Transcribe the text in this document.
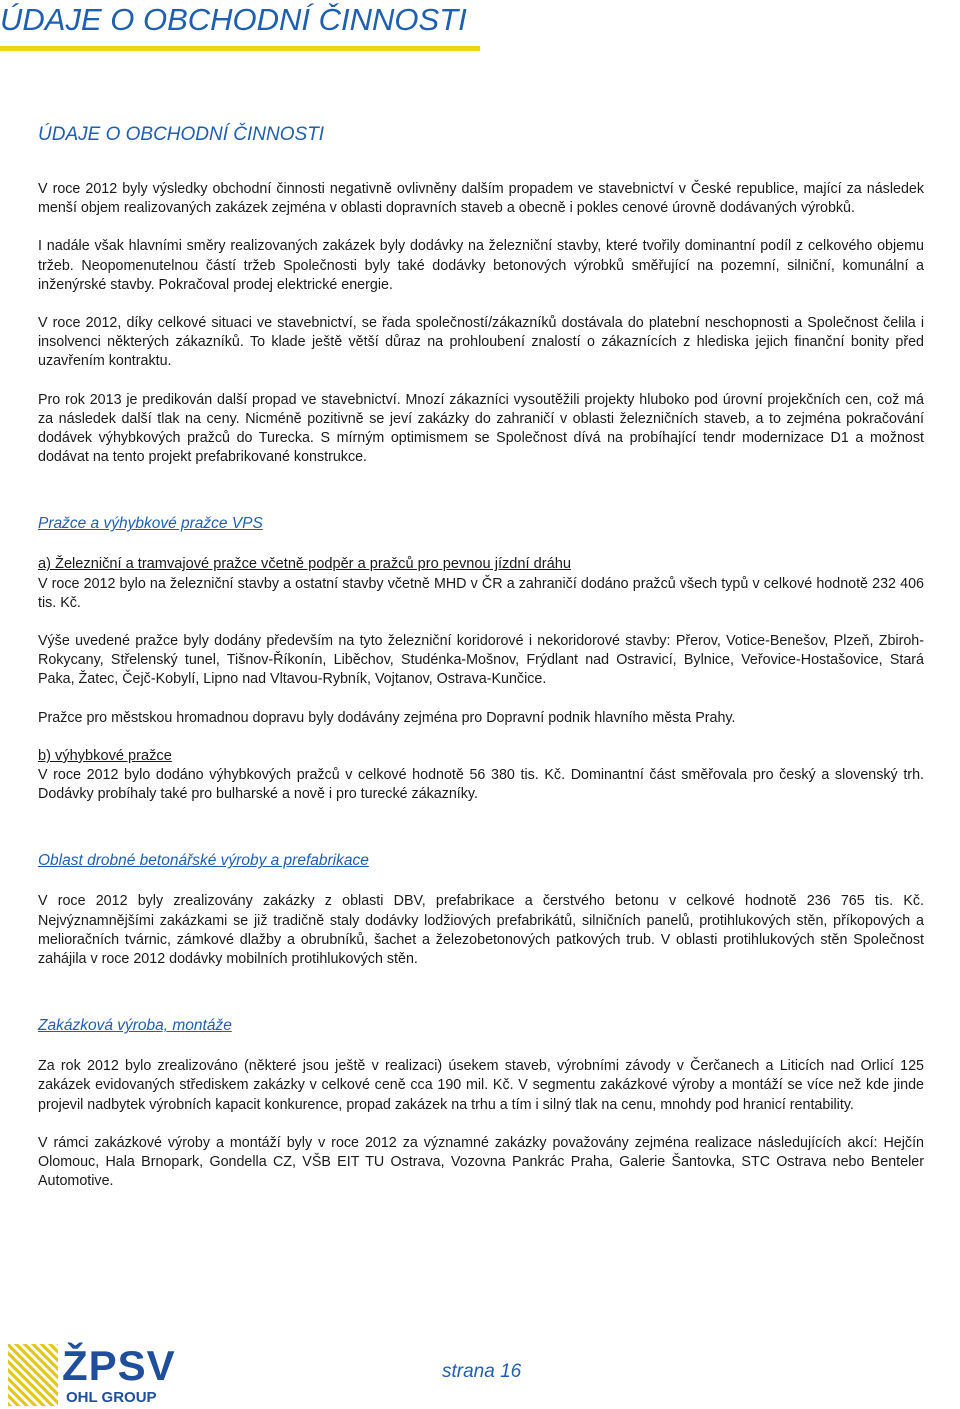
ÚDAJE O OBCHODNÍ ČINNOSTI
ÚDAJE O OBCHODNÍ ČINNOSTI

V roce 2012 byly výsledky obchodní činnosti negativně ovlivněny dalším propadem ve stavebnictví v České republice, mající za následek menší objem realizovaných zakázek zejména v oblasti dopravních staveb a obecně i pokles cenové úrovně dodávaných výrobků.

I nadále však hlavními směry realizovaných zakázek byly dodávky na železniční stavby, které tvořily dominantní podíl z celkového objemu tržeb. Neopomenutelnou částí tržeb Společnosti byly také dodávky betonových výrobků směřující na pozemní, silniční, komunální a inženýrské stavby. Pokračoval prodej elektrické energie.

V roce 2012, díky celkové situaci ve stavebnictví, se řada společností/zákazníků dostávala do platební neschopnosti a Společnost čelila i insolvenci některých zákazníků. To klade ještě větší důraz na prohloubení znalostí o zákaznících z hlediska jejich finanční bonity před uzavřením kontraktu.

Pro rok 2013 je predikován další propad ve stavebnictví. Mnozí zákazníci vysoutěžili projekty hluboko pod úrovní projekčních cen, což má za následek další tlak na ceny. Nicméně pozitivně se jeví zakázky do zahraničí v oblasti železničních staveb, a to zejména pokračování dodávek výhybkových pražců do Turecka. S mírným optimismem se Společnost dívá na probíhající tendr modernizace D1 a možnost dodávat na tento projekt prefabrikované konstrukce.

Pražce a výhybkové pražce VPS
a) Železniční a tramvajové pražce včetně podpěr a pražců pro pevnou jízdní dráhu

V roce 2012 bylo na železniční stavby a ostatní stavby včetně MHD v ČR a zahraničí dodáno pražců všech typů v celkové hodnotě 232 406 tis. Kč.

Výše uvedené pražce byly dodány především na tyto železniční koridorové i nekoridorové stavby: Přerov, Votice-Benešov, Plzeň, Zbiroh-Rokycany, Střelenský tunel, Tišnov-Říkonín, Liběchov, Studénka-Mošnov, Frýdlant nad Ostravicí, Bylnice, Veřovice-Hostašovice, Stará Paka, Žatec, Čejč-Kobylí, Lipno nad Vltavou-Rybník, Vojtanov, Ostrava-Kunčice.

Pražce pro městskou hromadnou dopravu byly dodávány zejména pro Dopravní podnik hlavního města Prahy.

b) výhybkové pražce

V roce 2012 bylo dodáno výhybkových pražců v celkové hodnotě 56 380 tis. Kč. Dominantní část směřovala pro český a slovenský trh. Dodávky probíhaly také pro bulharské a nově i pro turecké zákazníky.

Oblast drobné betonářské výroby a prefabrikace

V roce 2012 byly zrealizovány zakázky z oblasti DBV, prefabrikace a čerstvého betonu v celkové hodnotě 236 765 tis. Kč. Nejvýznamnějšími zakázkami se již tradičně staly dodávky lodžiových prefabrikátů, silničních panelů, protihlukových stěn, příkopových a melioračních tvárnic, zámkové dlažby a obrubníků, šachet a železobetonových patkových trub. V oblasti protihlukových stěn Společnost zahájila v roce 2012 dodávky mobilních protihlukových stěn.

Zakázková výroba, montáže

Za rok 2012 bylo zrealizováno (některé jsou ještě v realizaci) úsekem staveb, výrobními závody v Čerčanech a Liticích nad Orlicí 125 zakázek evidovaných střediskem zakázky v celkové ceně cca 190 mil. Kč. V segmentu zakázkové výroby a montáží se více než kde jinde projevil nadbytek výrobních kapacit konkurence, propad zakázek na trhu a tím i silný tlak na cenu, mnohdy pod hranicí rentability.

V rámci zakázkové výroby a montáží byly v roce 2012 za významné zakázky považovány zejména realizace následujících akcí: Hejčín Olomouc, Hala Brnopark, Gondella CZ, VŠB EIT TU Ostrava, Vozovna Pankrác Praha, Galerie Šantovka, STC Ostrava nebo Benteler Automotive.

ŽPSV
OHL GROUP
strana 16
